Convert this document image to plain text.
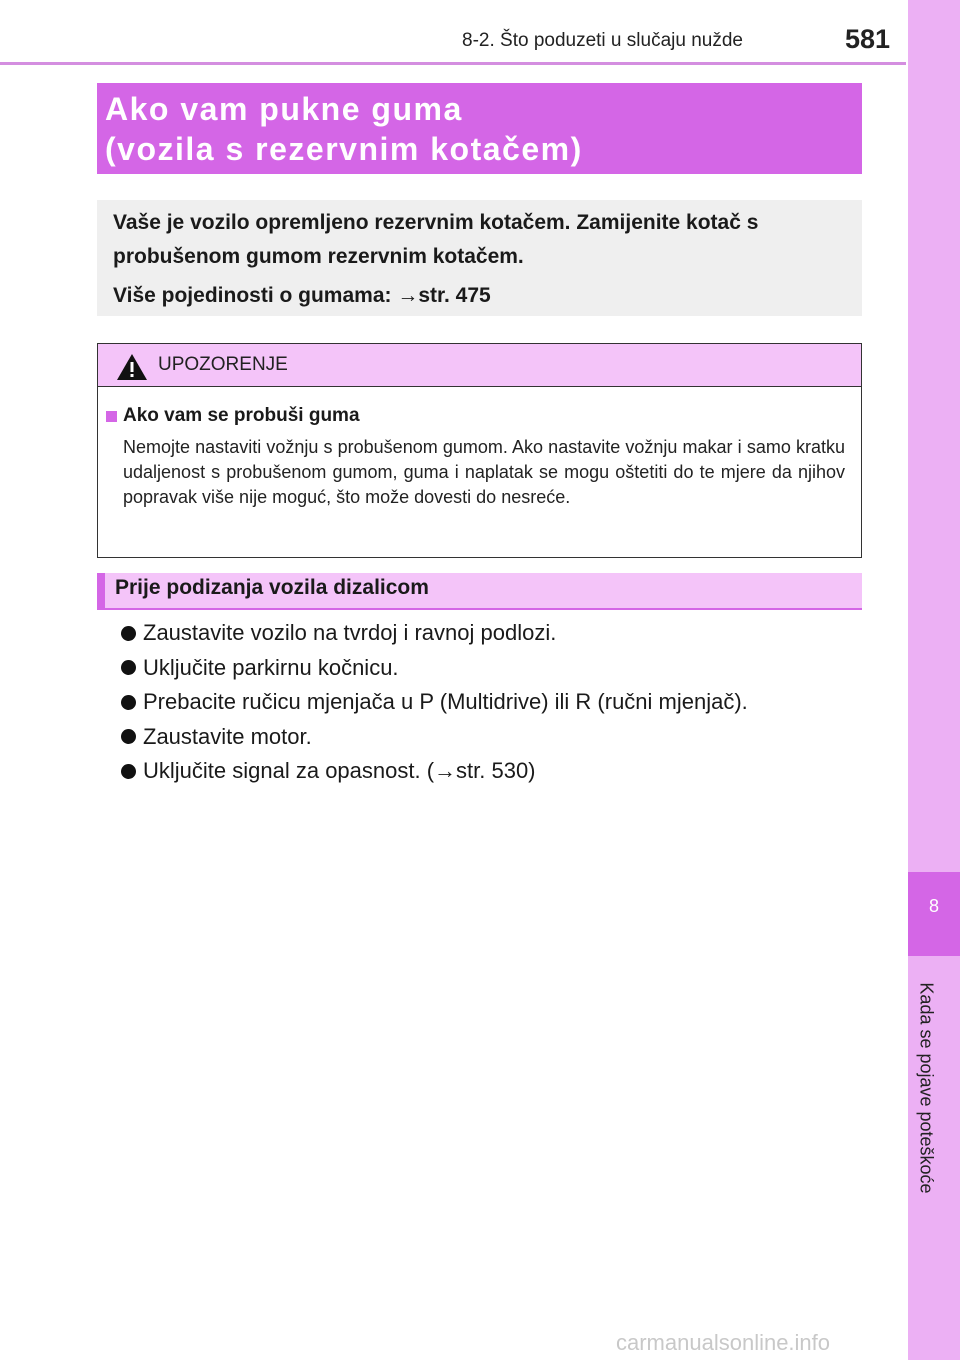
8-2. Što poduzeti u slučaju nužde	581
8
Kada se pojave poteškoće
Ako vam pukne guma
(vozila s rezervnim kotačem)

Vaše je vozilo opremljeno rezervnim kotačem. Zamijenite kotač s

probušenom gumom rezervnim kotačem.

Više pojedinosti o gumama: →str. 475

UPOZORENJE
Ako vam se probuši guma
Nemojte nastaviti vožnju s probušenom gumom. Ako nastavite vožnju makar i samo kratku udaljenost s probušenom gumom, guma i naplatak se mogu oštetiti do te mjere da njihov popravak više nije moguć, što može dovesti do nesreće.
Prije podizanja vozila dizalicom
Zaustavite vozilo na tvrdoj i ravnoj podlozi.
Uključite parkirnu kočnicu.
Prebacite ručicu mjenjača u P (Multidrive) ili R (ručni mjenjač).
Zaustavite motor.
Uključite signal za opasnost. (→str. 530)
carmanualsonline.info
